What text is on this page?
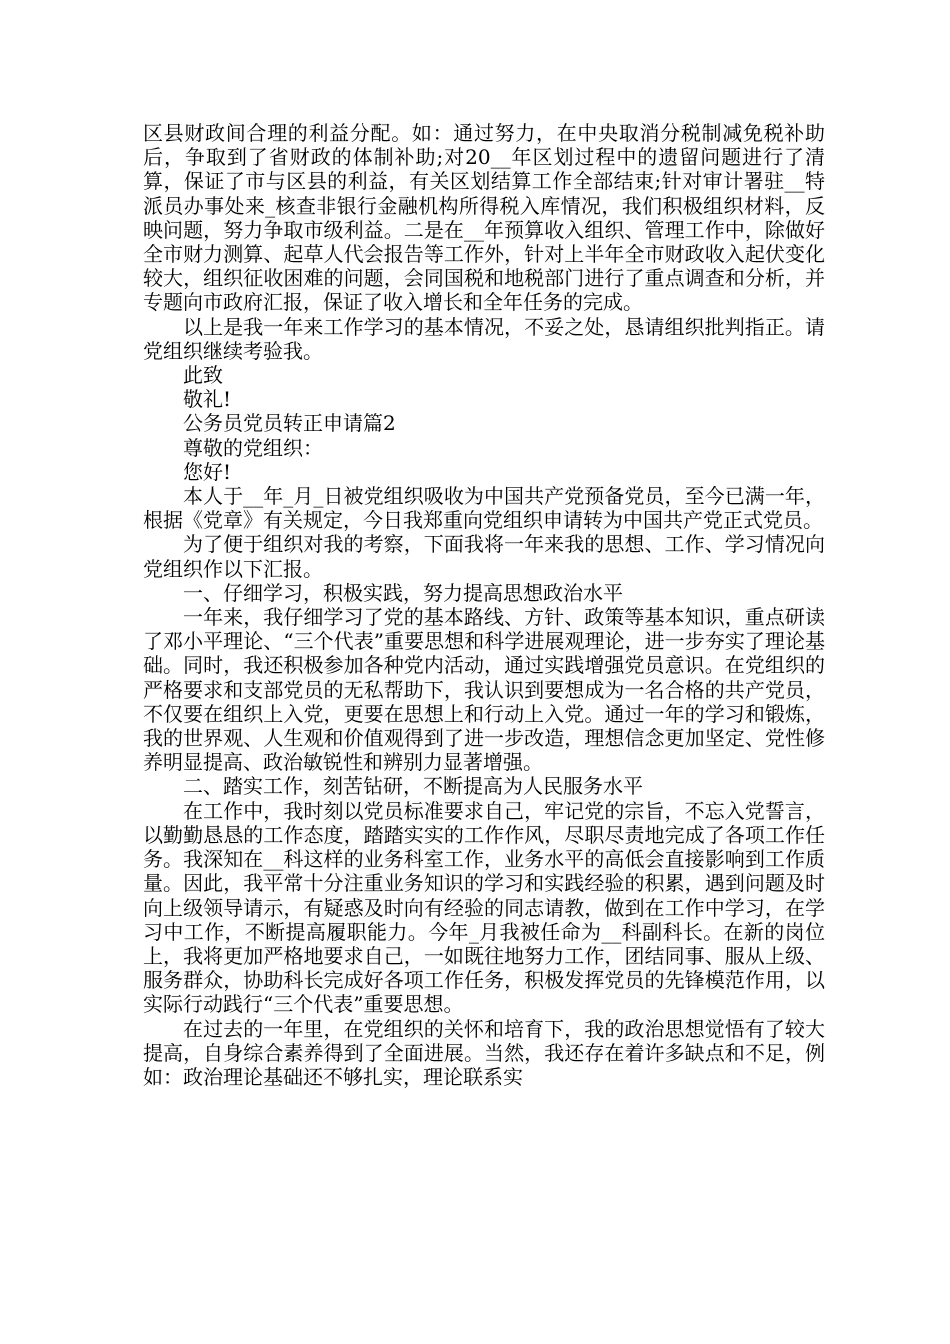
区县财政间合理的利益分配。如：通过努力，在中央取消分税制减免税补助后，争取到了省财政的体制补助;对20__年区划过程中的遗留问题进行了清算，保证了市与区县的利益，有关区划结算工作全部结束;针对审计署驻__特派员办事处来_核查非银行金融机构所得税入库情况，我们积极组织材料，反映问题，努力争取市级利益。二是在__年预算收入组织、管理工作中，除做好全市财力测算、起草人代会报告等工作外，针对上半年全市财政收入起伏变化较大，组织征收困难的问题，会同国税和地税部门进行了重点调查和分析，并专题向市政府汇报，保证了收入增长和全年任务的完成。

以上是我一年来工作学习的基本情况，不妥之处，恳请组织批判指正。请党组织继续考验我。

此致

敬礼!

公务员党员转正申请篇2

尊敬的党组织：

您好!

本人于__年_月_日被党组织吸收为中国共产党预备党员，至今已满一年，根据《党章》有关规定，今日我郑重向党组织申请转为中国共产党正式党员。

为了便于组织对我的考察，下面我将一年来我的思想、工作、学习情况向党组织作以下汇报。

一、仔细学习，积极实践，努力提高思想政治水平

一年来，我仔细学习了党的基本路线、方针、政策等基本知识，重点研读了邓小平理论、“三个代表”重要思想和科学进展观理论，进一步夯实了理论基础。同时，我还积极参加各种党内活动，通过实践增强党员意识。在党组织的严格要求和支部党员的无私帮助下，我认识到要想成为一名合格的共产党员，不仅要在组织上入党，更要在思想上和行动上入党。通过一年的学习和锻炼，我的世界观、人生观和价值观得到了进一步改造，理想信念更加坚定、党性修养明显提高、政治敏锐性和辨别力显著增强。

二、踏实工作，刻苦钻研，不断提高为人民服务水平

在工作中，我时刻以党员标准要求自己，牢记党的宗旨，不忘入党誓言，以勤勤恳恳的工作态度，踏踏实实的工作作风，尽职尽责地完成了各项工作任务。我深知在__科这样的业务科室工作，业务水平的高低会直接影响到工作质量。因此，我平常十分注重业务知识的学习和实践经验的积累，遇到问题及时向上级领导请示，有疑惑及时向有经验的同志请教，做到在工作中学习，在学习中工作，不断提高履职能力。今年_月我被任命为__科副科长。在新的岗位上，我将更加严格地要求自己，一如既往地努力工作，团结同事、服从上级、服务群众，协助科长完成好各项工作任务，积极发挥党员的先锋模范作用，以实际行动践行“三个代表”重要思想。

在过去的一年里，在党组织的关怀和培育下，我的政治思想觉悟有了较大提高，自身综合素养得到了全面进展。当然，我还存在着许多缺点和不足，例如：政治理论基础还不够扎实，理论联系实
